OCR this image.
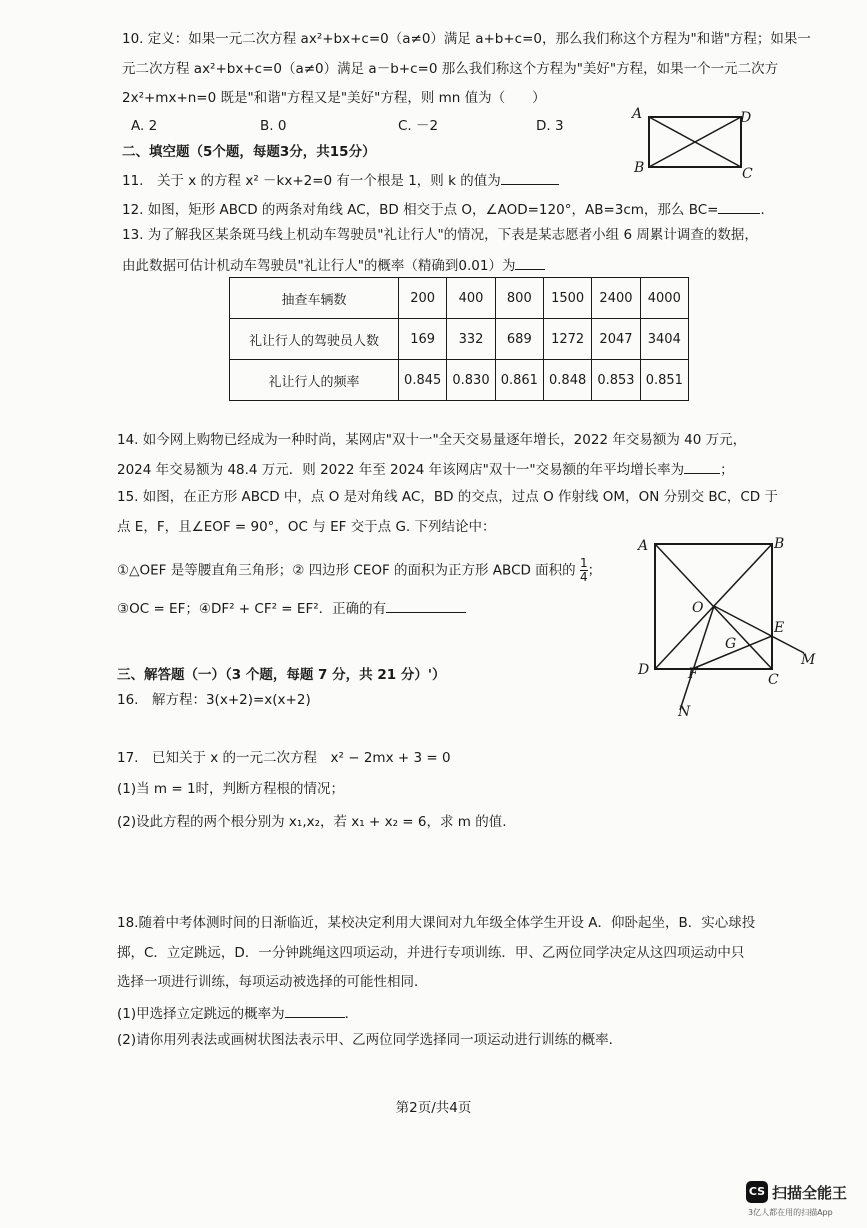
10. 定义：如果一元二次方程 ax²+bx+c=0（a≠0）满足 a+b+c=0，那么我们称这个方程为"和谐"方程；如果一
元二次方程 ax²+bx+c=0（a≠0）满足 a－b+c=0 那么我们称这个方程为"美好"方程，如果一个一元二次方
2x²+mx+n=0 既是"和谐"方程又是"美好"方程，则 mn 值为（　　）
A. 2	B. 0	C. －2	D. 3
A	D
B	C
二、填空题（5个题，每题3分，共15分）
11.　关于 x 的方程 x² －kx+2=0 有一个根是 1，则 k 的值为
12. 如图，矩形 ABCD 的两条对角线 AC，BD 相交于点 O，∠AOD=120°，AB=3cm，那么 BC=	．
13. 为了解我区某条斑马线上机动车驾驶员"礼让行人"的情况，下表是某志愿者小组 6 周累计调查的数据，
由此数据可估计机动车驾驶员"礼让行人"的概率（精确到0.01）为
抽查车辆数	200	400	800	1500	2400	4000
礼让行人的驾驶员人数	169	332	689	1272	2047	3404
礼让行人的频率	0.845	0.830	0.861	0.848	0.853	0.851
14. 如今网上购物已经成为一种时尚，某网店"双十一"全天交易量逐年增长，2022 年交易额为 40 万元，
2024 年交易额为 48.4 万元．则 2022 年至 2024 年该网店"双十一"交易额的年平均增长率为	；
15. 如图，在正方形 ABCD 中，点 O 是对角线 AC，BD 的交点，过点 O 作射线 OM，ON 分别交 BC，CD 于
点 E，F，且∠EOF = 90°，OC 与 EF 交于点 G. 下列结论中：
①△OEF 是等腰直角三角形；② 四边形 CEOF 的面积为正方形 ABCD 面积的 $\frac{1}{4}$ ；
③OC = EF；④DF² + CF² = EF²．正确的有
A	B
D
C
O
E
G
F
M
N
三、解答题（一）（3 个题，每题 7 分，共 21 分）'）
16.　解方程：3(x+2)=x(x+2)
17.　已知关于 x 的一元二次方程　x² − 2mx + 3 = 0
(1)当 m = 1时，判断方程根的情况；
(2)设此方程的两个根分别为 x₁,x₂，若 x₁ + x₂ = 6，求 m 的值.
18.随着中考体测时间的日渐临近，某校决定利用大课间对九年级全体学生开设 A．仰卧起坐，B．实心球投
掷，C．立定跳远，D．一分钟跳绳这四项运动，并进行专项训练．甲、乙两位同学决定从这四项运动中只
选择一项进行训练，每项运动被选择的可能性相同．
(1)甲选择立定跳远的概率为	．
(2)请你用列表法或画树状图法表示甲、乙两位同学选择同一项运动进行训练的概率．
第2页/共4页
CS 扫描全能王
3亿人都在用的扫描App
